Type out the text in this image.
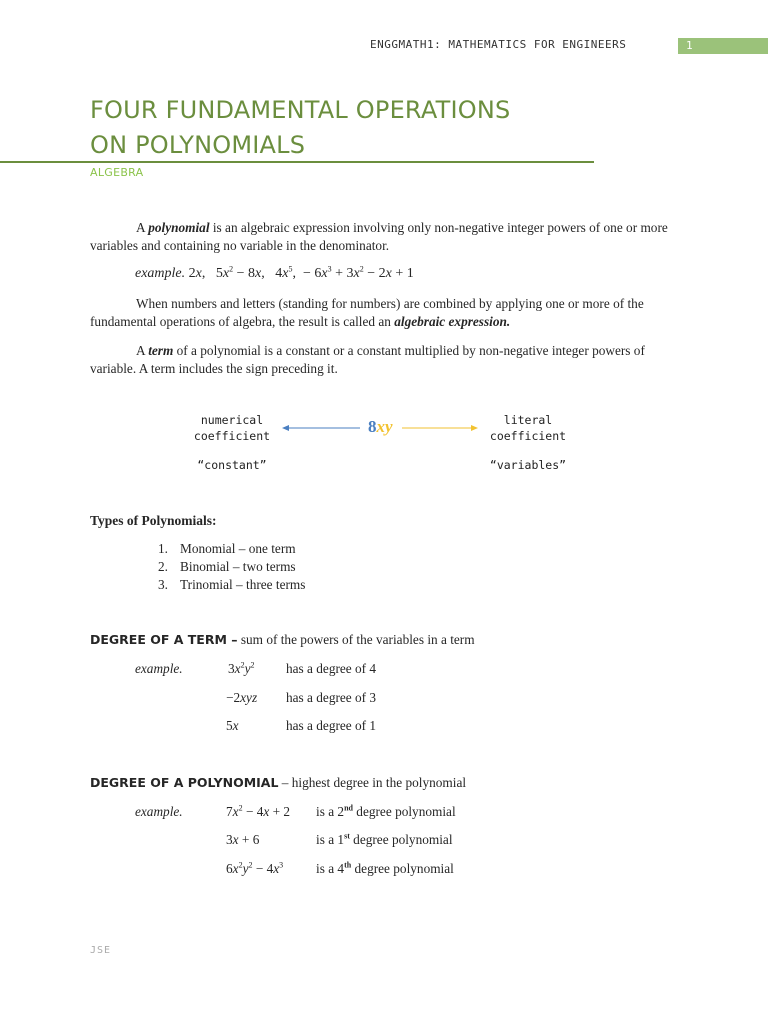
ENGGMATH1: MATHEMATICS FOR ENGINEERS	1
FOUR FUNDAMENTAL OPERATIONS
ON POLYNOMIALS
ALGEBRA
A polynomial is an algebraic expression involving only non-negative integer powers of one or more variables and containing no variable in the denominator.
example. 2x,   $5x^2 - 8x$,   $4x^5$,  − $6x^3 + 3x^2 - 2x + 1$
When numbers and letters (standing for numbers) are combined by applying one or more of the fundamental operations of algebra, the result is called an algebraic expression.
A term of a polynomial is a constant or a constant multiplied by non-negative integer powers of variable. A term includes the sign preceding it.
numerical
coefficient
“constant”
8xy	literal
coefficient
“variables”
Types of Polynomials:
1. Monomial – one term
2. Binomial – two terms
3. Trinomial – three terms
DEGREE OF A TERM – sum of the powers of the variables in a term
example.	$3x^2y^2$ has a degree of 4
−2xyz has a degree of 3
5x	has a degree of 1
DEGREE OF A POLYNOMIAL – highest degree in the polynomial
example.	$7x^2 - 4x + 2$ is a 2nd degree polynomial
3x + 6	is a 1st degree polynomial
$6x^2y^2 - 4x^3$ is a 4th degree polynomial
JSE
